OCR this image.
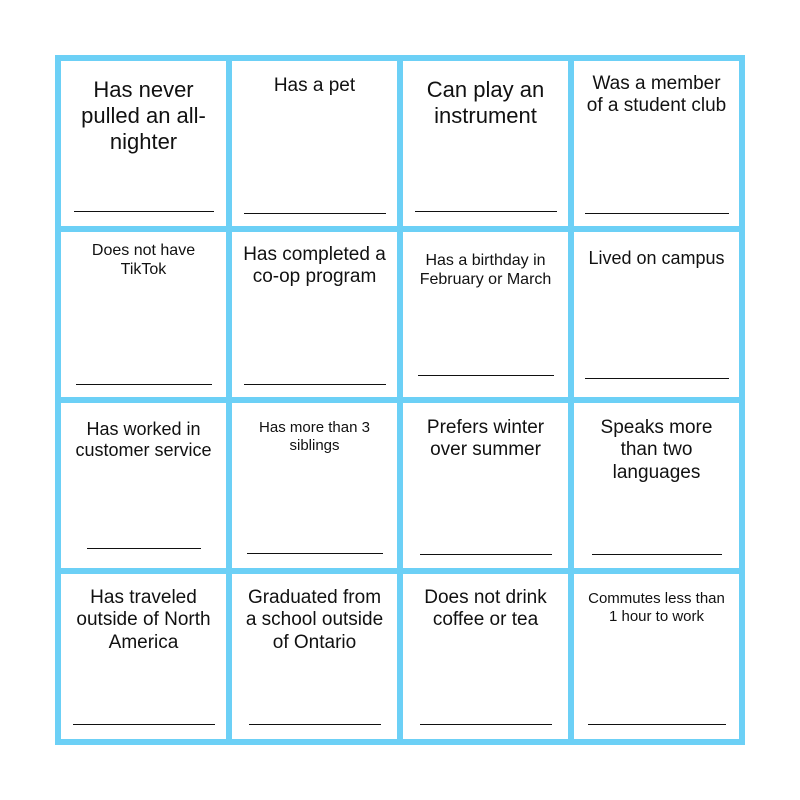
Has never pulled an all-nighter
Has a pet	Can play an instrument
Was a member of a student club
Does not have TikTok
Has completed a co-op program
Has a birthday in February or March
Lived on campus
Has worked in customer service
Has more than 3 siblings
Prefers winter over summer
Speaks more than two languages
Has traveled outside of North America
Graduated from a school outside of Ontario
Does not drink coffee or tea
Commutes less than 1 hour to work
